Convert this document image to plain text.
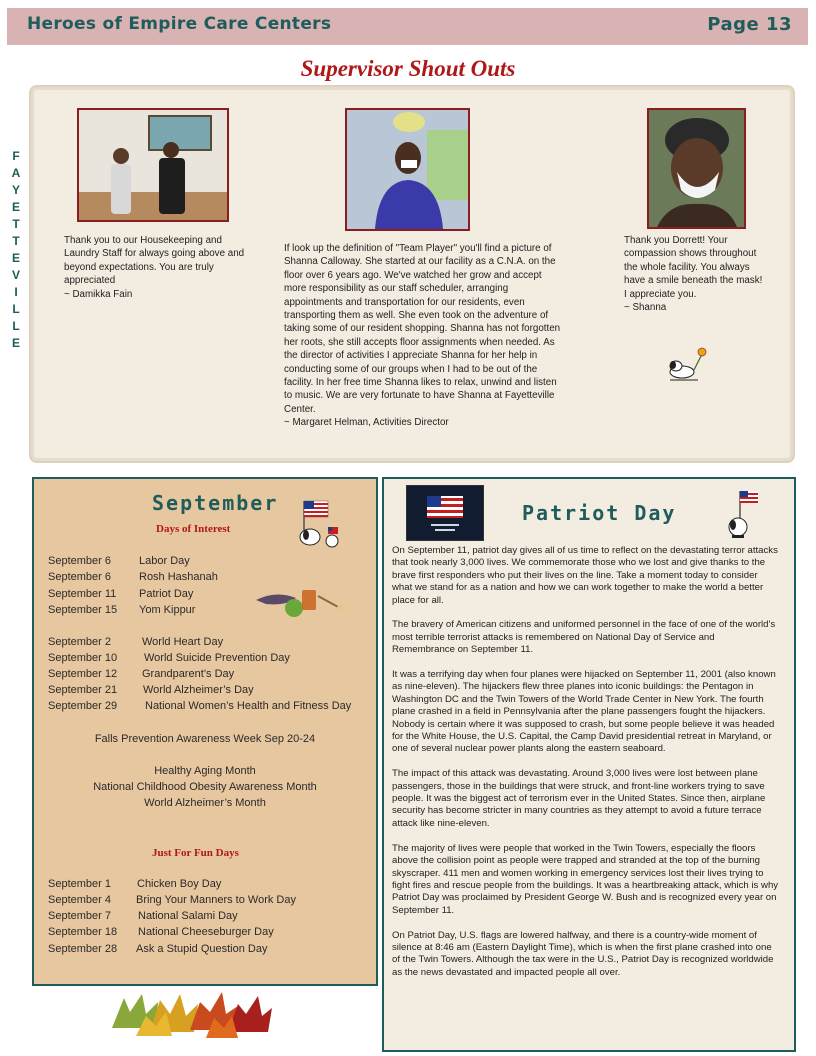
Heroes of Empire Care Centers	Page 13
Supervisor Shout Outs
F
A
Y
E
T
T
E
V
I
L
L
E
Thank you to our Housekeeping and Laundry Staff for always going above and beyond expectations. You are truly appreciated
~ Damikka Fain
If look up the definition of "Team Player" you'll find a picture of Shanna Calloway. She started at our facility as a C.N.A. on the floor over 6 years ago. We've watched her grow and accept more responsibility as our staff scheduler, arranging appointments and transportation for our residents, even transporting them as well. She even took on the adventure of taking some of our resident shopping. Shanna has not forgotten her roots, she still accepts floor assignments when needed. As the director of activities I appreciate Shanna for her help in conducting some of our groups when I had to be out of the facility. In her free time Shanna likes to relax, unwind and listen to music. We are very fortunate to have Shanna at Fayetteville Center.
~ Margaret Helman, Activities Director
Thank you Dorrett! Your compassion shows throughout the whole facility. You always have a smile beneath the mask! I appreciate you.
~ Shanna
September
Days of Interest
September 6	Labor Day
September 6	Rosh Hashanah
September 11 Patriot Day
September 15 Yom Kippur
September 2	World Heart Day
September 10 World Suicide Prevention Day
September 12 Grandparent’s Day
September 21 World Alzheimer’s Day
September 29	National Women’s Health and Fitness Day
Falls Prevention Awareness Week Sep 20-24
Healthy Aging Month
National Childhood Obesity Awareness Month
World Alzheimer’s Month
Just For Fun Days
September 1 Chicken Boy Day
September 4 Bring Your Manners to Work Day
September 7 National Salami Day
September 18 National Cheeseburger Day
September 28 Ask a Stupid Question Day
Patriot Day

On September 11, patriot day gives all of us time to reflect on the devastating terror attacks that took nearly 3,000 lives. We commemorate those who we lost and give thanks to the brave first responders who put their lives on the line. Take a moment today to consider what we stand for as a nation and how we can work together to make the world a better place for all.

The bravery of American citizens and uniformed personnel in the face of one of the world's most terrible terrorist attacks is remembered on National Day of Service and Remembrance on September 11.

It was a terrifying day when four planes were hijacked on September 11, 2001 (also known as nine-eleven). The hijackers flew three planes into iconic buildings: the Pentagon in Washington DC and the Twin Towers of the World Trade Center in New York. The fourth plane crashed in a field in Pennsylvania after the plane passengers fought the hijackers. Nobody is certain where it was supposed to crash, but some people believe it was headed for the White House, the U.S. Capital, the Camp David presidential retreat in Maryland, or one of several nuclear power plants along the eastern seaboard.

The impact of this attack was devastating. Around 3,000 lives were lost between plane passengers, those in the buildings that were struck, and front-line workers trying to save people. It was the biggest act of terrorism ever in the United States. Since then, airplane security has become stricter in many countries as they attempt to avoid a future terrace attack like nine-eleven.

The majority of lives were people that worked in the Twin Towers, especially the floors above the collision point as people were trapped and stranded at the top of the burning skyscraper. 411 men and women working in emergency services lost their lives trying to fight fires and rescue people from the buildings. It was a heartbreaking attack, which is why Patriot Day was proclaimed by President George W. Bush and is recognized every year on September 11.

On Patriot Day, U.S. flags are lowered halfway, and there is a country-wide moment of silence at 8:46 am (Eastern Daylight Time), which is when the first plane crashed into one of the Twin Towers. Although the tax were in the U.S., Patriot Day is recognized worldwide as the news devastated and impacted people all over.
